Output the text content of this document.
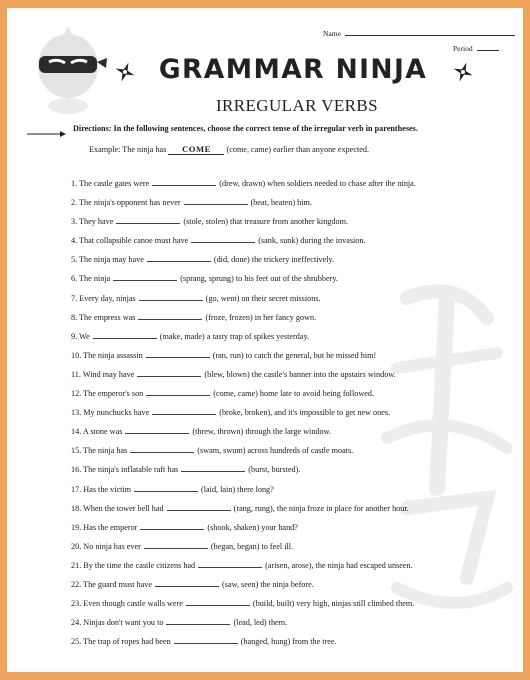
Name
Period
GRAMMAR NINJA
IRREGULAR VERBS
Directions: In the following sentences, choose the correct tense of the irregular verb in parentheses.
Example: The ninja has COME (come, came) earlier than anyone expected.
1. The castle gates were	(drew, drawn) when soldiers needed to chase after the ninja.
2. The ninja's opponent has never	(beat, beaten) him.
3. They have	(stole, stolen) that treasure from another kingdom.
4. That collapsible canoe must have	(sank, sunk) during the invasion.
5. The ninja may have	(did, done) the trickery ineffectively.
6. The ninja	(sprang, sprung) to his feet out of the shrubbery.
7. Every day, ninjas	(go, went) on their secret missions.
8. The empress was	(froze, frozen) in her fancy gown.
9. We	(make, made) a tasty trap of spikes yesterday.
10. The ninja assassin	(ran, run) to catch the general, but he missed him!
11. Wind may have	(blew, blown) the castle's banner into the upstairs window.
12. The emperor's son	(come, came) home late to avoid being followed.
13. My nunchucks have	(broke, broken), and it's impossible to get new ones.
14. A stone was	(threw, thrown) through the large window.
15. The ninja has	(swam, swum) across hundreds of castle moats.
16. The ninja's inflatable raft has	(burst, bursted).
17. Has the victim	(laid, lain) there long?
18. When the tower bell had	(rang, rung), the ninja froze in place for another hour.
19. Has the emperor	(shook, shaken) your hand?
20. No ninja has ever	(began, began) to feel ill.
21. By the time the castle citizens had	(arisen, arose), the ninja had escaped unseen.
22. The guard must have	(saw, seen) the ninja before.
23. Even though castle walls were	(build, built) very high, ninjas still climbed them.
24. Ninjas don't want you to	(lead, led) them.
25. The trap of ropes had been	(hanged, hung) from the tree.
